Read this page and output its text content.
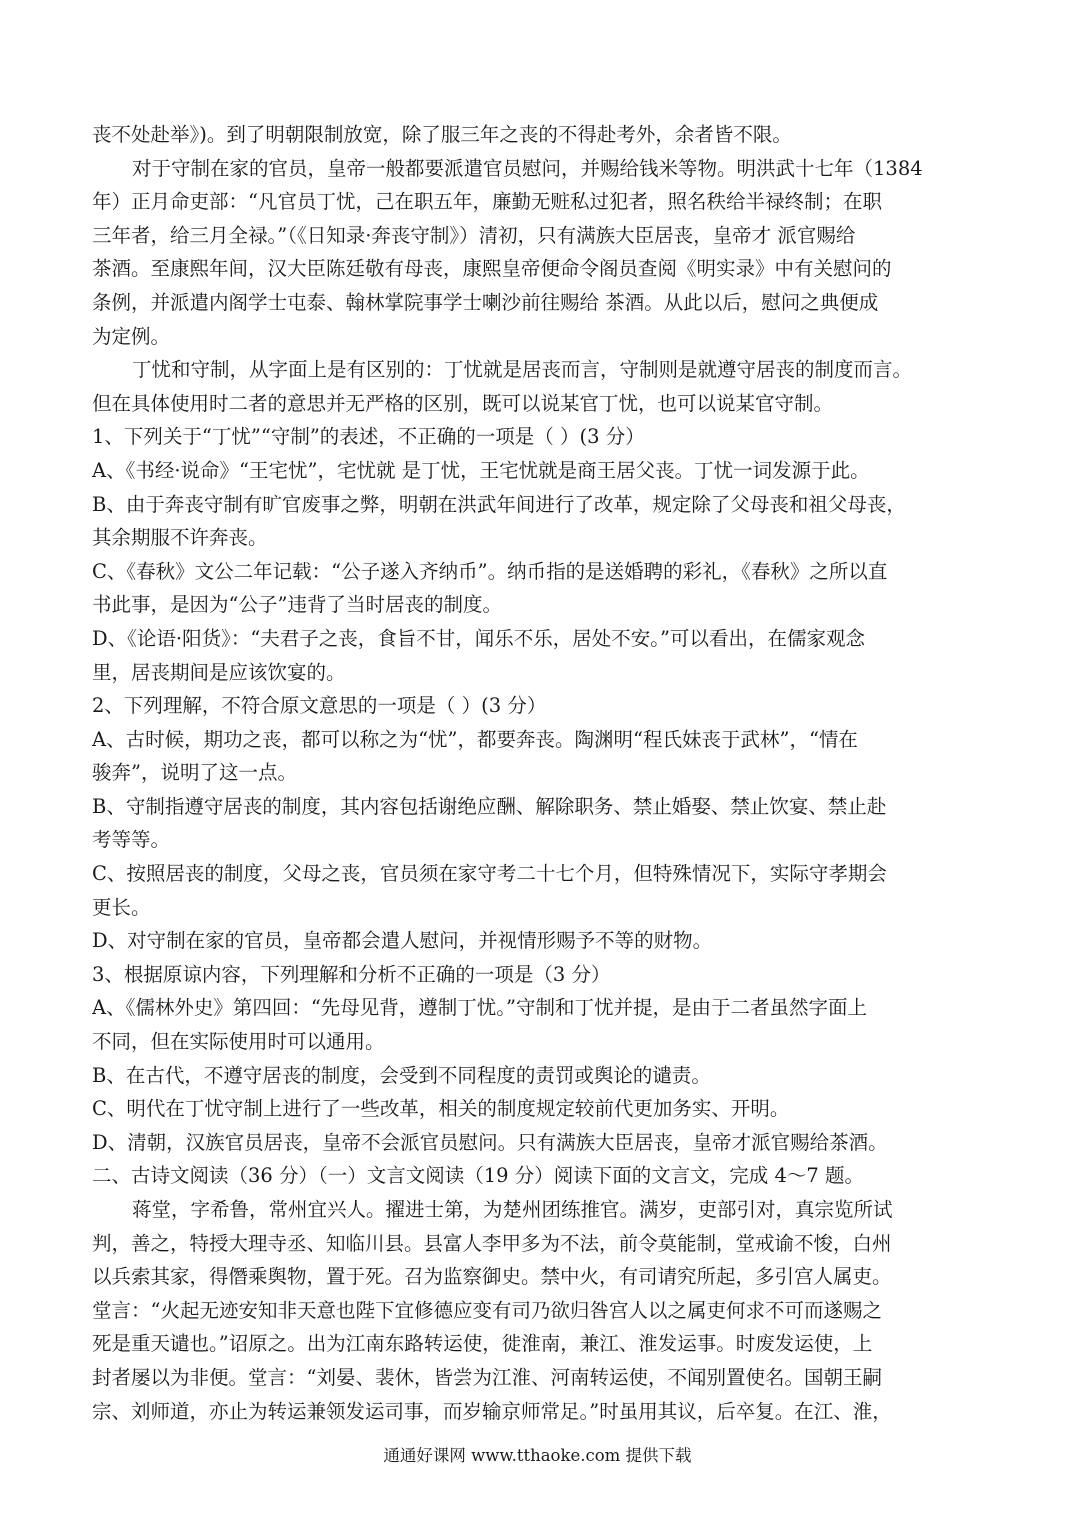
丧不处赴举》)。到了明朝限制放宽，除了服三年之丧的不得赴考外，余者皆不限。
对于守制在家的官员，皇帝一般都要派遣官员慰问，并赐给钱米等物。明洪武十七年（1384
年）正月命吏部：“凡官员丁忧，己在职五年，廉勤无赃私过犯者，照名秩给半禄终制；在职
三年者，给三月全禄。”（《日知录·奔丧守制》）清初，只有满族大臣居丧，皇帝才 派官赐给
茶酒。至康熙年间，汉大臣陈廷敬有母丧，康熙皇帝便命令阁员查阅《明实录》中有关慰问的
条例，并派遣内阁学士屯泰、翰林掌院事学士喇沙前往赐给 茶酒。从此以后，慰问之典便成
为定例。
丁忧和守制，从字面上是有区别的：丁忧就是居丧而言，守制则是就遵守居丧的制度而言。
但在具体使用时二者的意思并无严格的区别，既可以说某官丁忧，也可以说某官守制。
1、下列关于“丁忧”“守制”的表述，不正确的一项是（ ）(3 分）
A、《书经·说命》“王宅忧”，宅忧就 是丁忧，王宅忧就是商王居父丧。丁忧一词发源于此。
B、由于奔丧守制有旷官废事之弊，明朝在洪武年间进行了改革，规定除了父母丧和祖父母丧，
其余期服不许奔丧。
C、《春秋》文公二年记载：“公子遂入齐纳币”。纳币指的是送婚聘的彩礼，《春秋》之所以直
书此事，是因为“公子”违背了当时居丧的制度。
D、《论语·阳货》：“夫君子之丧，食旨不甘，闻乐不乐，居处不安。”可以看出，在儒家观念
里，居丧期间是应该饮宴的。
2、下列理解，不符合原文意思的一项是（ ）(3 分）
A、古时候，期功之丧，都可以称之为“忧”，都要奔丧。陶渊明“程氏妹丧于武林”，“情在
骏奔”，说明了这一点。
B、守制指遵守居丧的制度，其内容包括谢绝应酬、解除职务、禁止婚娶、禁止饮宴、禁止赴
考等等。
C、按照居丧的制度，父母之丧，官员须在家守考二十七个月，但特殊情况下，实际守孝期会
更长。
D、对守制在家的官员，皇帝都会遣人慰问，并视情形赐予不等的财物。
3、根据原谅内容，下列理解和分析不正确的一项是（3 分）
A、《儒林外史》第四回：“先母见背，遵制丁忧。”守制和丁忧并提，是由于二者虽然字面上
不同，但在实际使用时可以通用。
B、在古代，不遵守居丧的制度，会受到不同程度的责罚或舆论的谴责。
C、明代在丁忧守制上进行了一些改革，相关的制度规定较前代更加务实、开明。
D、清朝，汉族官员居丧，皇帝不会派官员慰问。只有满族大臣居丧，皇帝才派官赐给茶酒。
二、古诗文阅读（36 分）（一）文言文阅读（19 分）阅读下面的文言文，完成 4～7 题。
蒋堂，字希鲁，常州宜兴人。擢进士第，为楚州团练推官。满岁，吏部引对，真宗览所试
判，善之，特授大理寺丞、知临川县。县富人李甲多为不法，前令莫能制，堂戒谕不悛，白州
以兵索其家，得僭乘舆物，置于死。召为监察御史。禁中火，有司请究所起，多引宫人属吏。
堂言：“火起无迹安知非天意也陛下宜修德应变有司乃欲归咎宫人以之属吏何求不可而遂赐之
死是重天谴也。”诏原之。出为江南东路转运使，徙淮南，兼江、淮发运事。时废发运使，上
封者屡以为非便。堂言：“刘晏、裴休，皆尝为江淮、河南转运使，不闻别置使名。国朝王嗣
宗、刘师道，亦止为转运兼领发运司事，而岁输京师常足。”时虽用其议，后卒复。在江、淮，
通通好课网 www.tthaoke.com 提供下载
